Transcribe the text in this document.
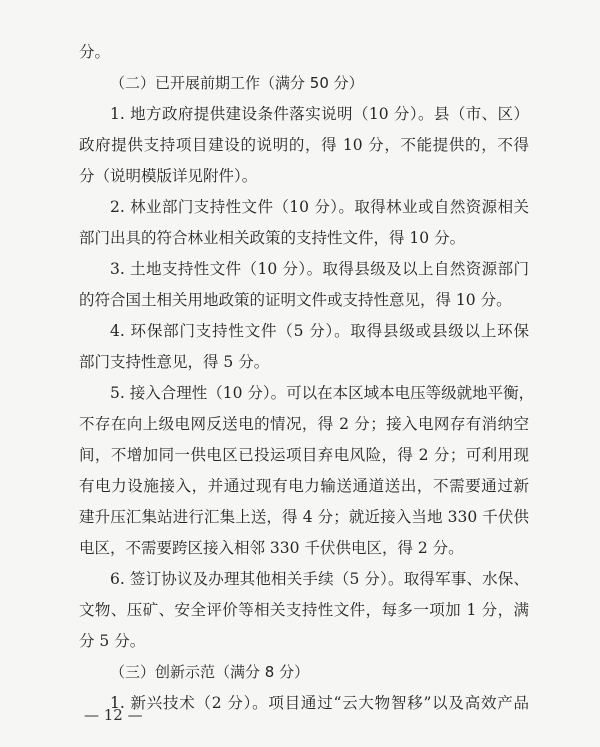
分。
（二）已开展前期工作（满分 50 分）
1. 地方政府提供建设条件落实说明（10 分）。县（市、区）
政府提供支持项目建设的说明的，得 10 分，不能提供的，不得
分（说明模版详见附件）。
2. 林业部门支持性文件（10 分）。取得林业或自然资源相关
部门出具的符合林业相关政策的支持性文件，得 10 分。
3. 土地支持性文件（10 分）。取得县级及以上自然资源部门
的符合国土相关用地政策的证明文件或支持性意见，得 10 分。
4. 环保部门支持性文件（5 分）。取得县级或县级以上环保
部门支持性意见，得 5 分。
5. 接入合理性（10 分）。可以在本区域本电压等级就地平衡，
不存在向上级电网反送电的情况，得 2 分；接入电网存有消纳空
间，不增加同一供电区已投运项目弃电风险，得 2 分；可利用现
有电力设施接入，并通过现有电力输送通道送出，不需要通过新
建升压汇集站进行汇集上送，得 4 分；就近接入当地 330 千伏供
电区，不需要跨区接入相邻 330 千伏供电区，得 2 分。
6. 签订协议及办理其他相关手续（5 分）。取得军事、水保、
文物、压矿、安全评价等相关支持性文件，每多一项加 1 分，满
分 5 分。
（三）创新示范（满分 8 分）
1. 新兴技术（2 分）。项目通过“云大物智移”以及高效产品
— 12 —
